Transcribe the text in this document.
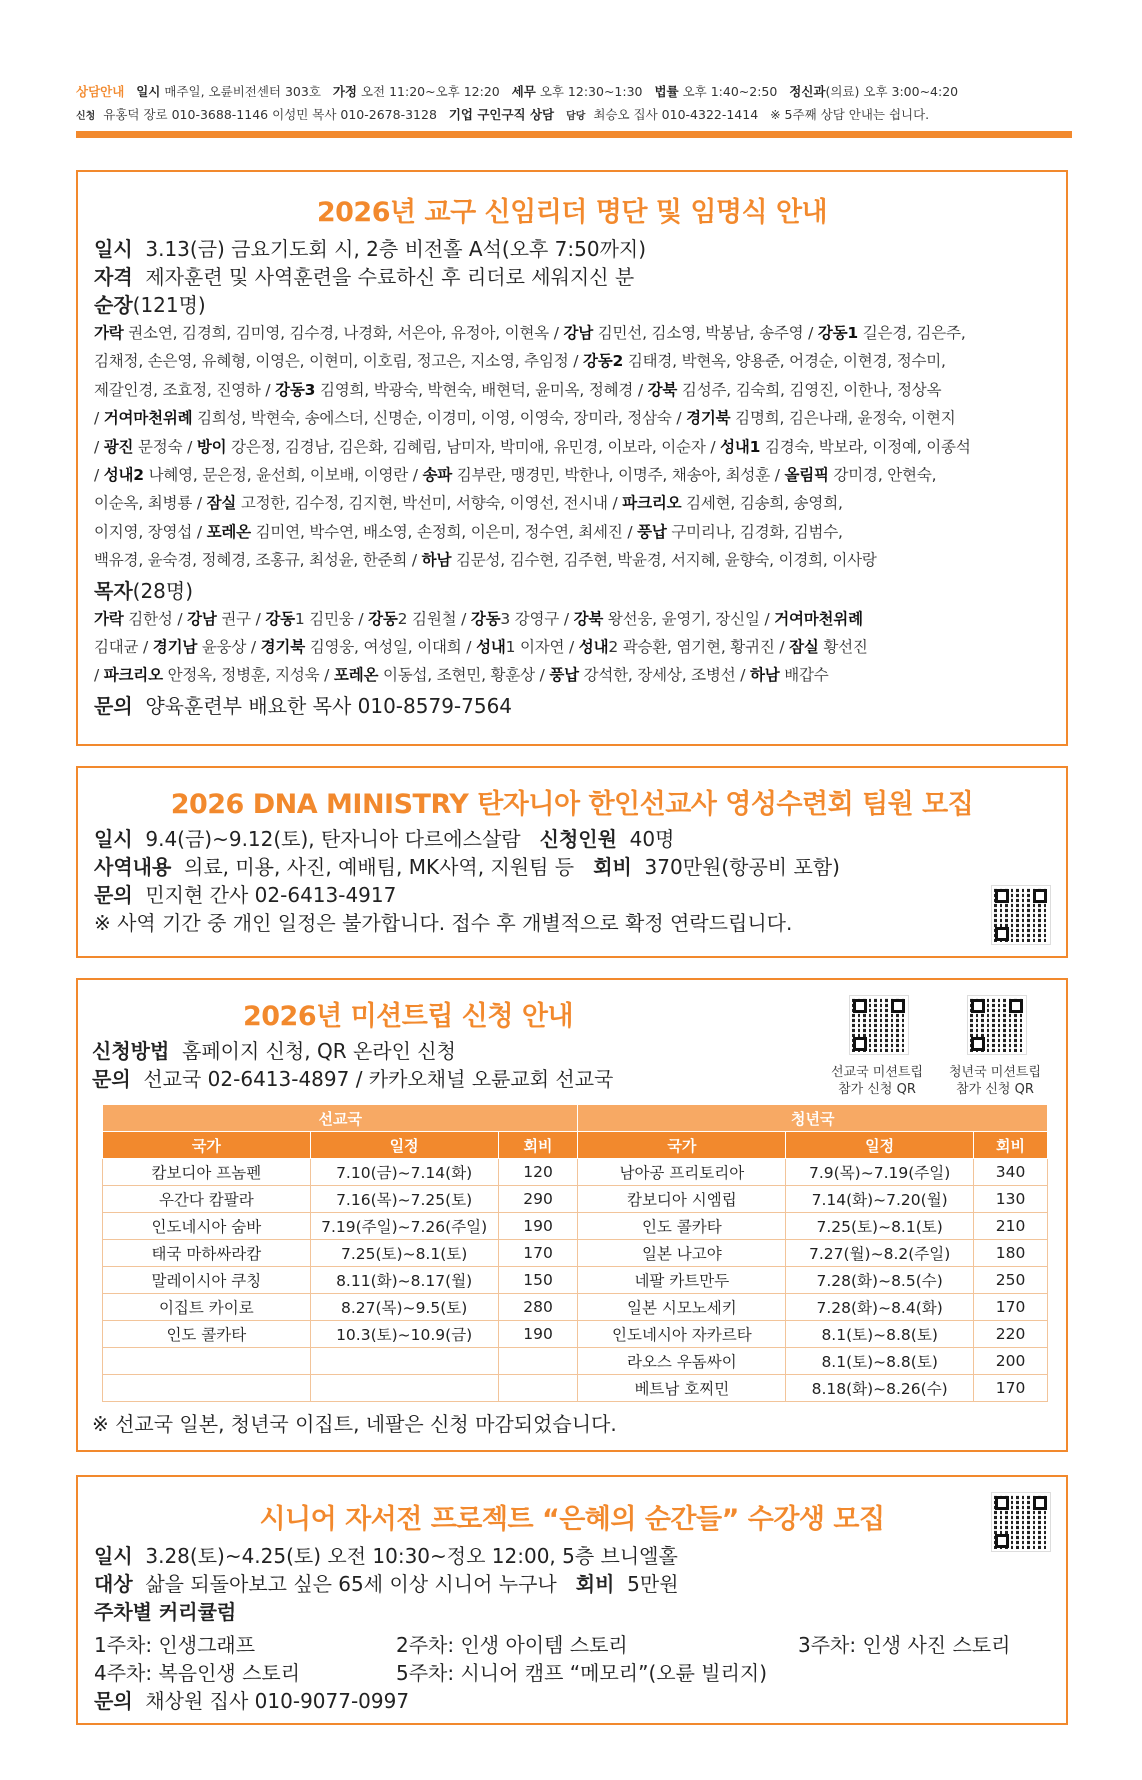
상담안내 일시 매주일, 오륜비전센터 303호 가정 오전 11:20~오후 12:20 세무 오후 12:30~1:30 법률 오후 1:40~2:50 정신과(의료) 오후 3:00~4:20
신청 유홍덕 장로 010-3688-1146 이성민 목사 010-2678-3128 기업 구인구직 상담 담당 최승오 집사 010-4322-1414 ※ 5주째 상담 안내는 쉽니다.
2026년 교구 신임리더 명단 및 임명식 안내
일시 3.13(금) 금요기도회 시, 2층 비전홀 A석(오후 7:50까지)
자격 제자훈련 및 사역훈련을 수료하신 후 리더로 세워지신 분
순장(121명)
가락 권소연, 김경희, 김미영, 김수경, 나경화, 서은아, 유정아, 이현옥 / 강남 김민선, 김소영, 박봉남, 송주영 / 강동1 길은경, 김은주,
김채정, 손은영, 유혜형, 이영은, 이현미, 이호림, 정고은, 지소영, 추임정 / 강동2 김태경, 박현옥, 양용준, 어경순, 이현경, 정수미,
제갈인경, 조효정, 진영하 / 강동3 김영희, 박광숙, 박현숙, 배현덕, 윤미옥, 정혜경 / 강북 김성주, 김숙희, 김영진, 이한나, 정상옥
/ 거여마천위례 김희성, 박현숙, 송에스더, 신명순, 이경미, 이영, 이영숙, 장미라, 정삼숙 / 경기북 김명희, 김은나래, 윤정숙, 이현지
/ 광진 문정숙 / 방이 강은정, 김경남, 김은화, 김혜림, 남미자, 박미애, 유민경, 이보라, 이순자 / 성내1 김경숙, 박보라, 이정예, 이종석
/ 성내2 나혜영, 문은정, 윤선희, 이보배, 이영란 / 송파 김부란, 맹경민, 박한나, 이명주, 채송아, 최성훈 / 올림픽 강미경, 안현숙,
이순옥, 최병룡 / 잠실 고정한, 김수정, 김지현, 박선미, 서향숙, 이영선, 전시내 / 파크리오 김세현, 김송희, 송영희,
이지영, 장영섭 / 포레온 김미연, 박수연, 배소영, 손정희, 이은미, 정수연, 최세진 / 풍납 구미리나, 김경화, 김범수,
백유경, 윤숙경, 정혜경, 조홍규, 최성윤, 한준희 / 하남 김문성, 김수현, 김주현, 박윤경, 서지혜, 윤향숙, 이경희, 이사랑
목자(28명)
가락 김한성 / 강남 권구 / 강동1 김민웅 / 강동2 김원철 / 강동3 강영구 / 강북 왕선웅, 윤영기, 장신일 / 거여마천위례
김대균 / 경기남 윤웅상 / 경기북 김영웅, 여성일, 이대희 / 성내1 이자연 / 성내2 곽승환, 염기현, 황귀진 / 잠실 황선진
/ 파크리오 안정옥, 정병훈, 지성욱 / 포레온 이동섭, 조현민, 황훈상 / 풍납 강석한, 장세상, 조병선 / 하남 배갑수
문의 양육훈련부 배요한 목사 010-8579-7564
2026 DNA MINISTRY 탄자니아 한인선교사 영성수련회 팀원 모집
일시 9.4(금)~9.12(토), 탄자니아 다르에스살람 신청인원 40명
사역내용 의료, 미용, 사진, 예배팀, MK사역, 지원팀 등 회비 370만원(항공비 포함)
문의 민지현 간사 02-6413-4917
※ 사역 기간 중 개인 일정은 불가합니다. 접수 후 개별적으로 확정 연락드립니다.
2026년 미션트립 신청 안내
신청방법 홈페이지 신청, QR 온라인 신청
문의 선교국 02-6413-4897 / 카카오채널 오륜교회 선교국	선교국 미션트립
참가 신청 QR
청년국 미션트립
참가 신청 QR
선교국			청년국		
국가	일정	회비	국가	일정	회비
캄보디아 프놈펜	7.10(금)~7.14(화)	120	남아공 프리토리아	7.9(목)~7.19(주일)	340
우간다 캄팔라	7.16(목)~7.25(토)	290	캄보디아 시엠립	7.14(화)~7.20(월)	130
인도네시아 숨바	7.19(주일)~7.26(주일)	190	인도 콜카타	7.25(토)~8.1(토)	210
태국 마하싸라캄	7.25(토)~8.1(토)	170	일본 나고야	7.27(월)~8.2(주일)	180
말레이시아 쿠칭	8.11(화)~8.17(월)	150	네팔 카트만두	7.28(화)~8.5(수)	250
이집트 카이로	8.27(목)~9.5(토)	280	일본 시모노세키	7.28(화)~8.4(화)	170
인도 콜카타	10.3(토)~10.9(금)	190	인도네시아 자카르타	8.1(토)~8.8(토)	220
			라오스 우돔싸이	8.1(토)~8.8(토)	200
			베트남 호찌민	8.18(화)~8.26(수)	170
※ 선교국 일본, 청년국 이집트, 네팔은 신청 마감되었습니다.
시니어 자서전 프로젝트 “은혜의 순간들” 수강생 모집
일시 3.28(토)~4.25(토) 오전 10:30~정오 12:00, 5층 브니엘홀
대상 삶을 되돌아보고 싶은 65세 이상 시니어 누구나 회비 5만원
주차별 커리큘럼
1주차: 인생그래프	2주차: 인생 아이템 스토리	3주차: 인생 사진 스토리
4주차: 복음인생 스토리	5주차: 시니어 캠프 “메모리”(오륜 빌리지)
문의 채상원 집사 010-9077-0997
